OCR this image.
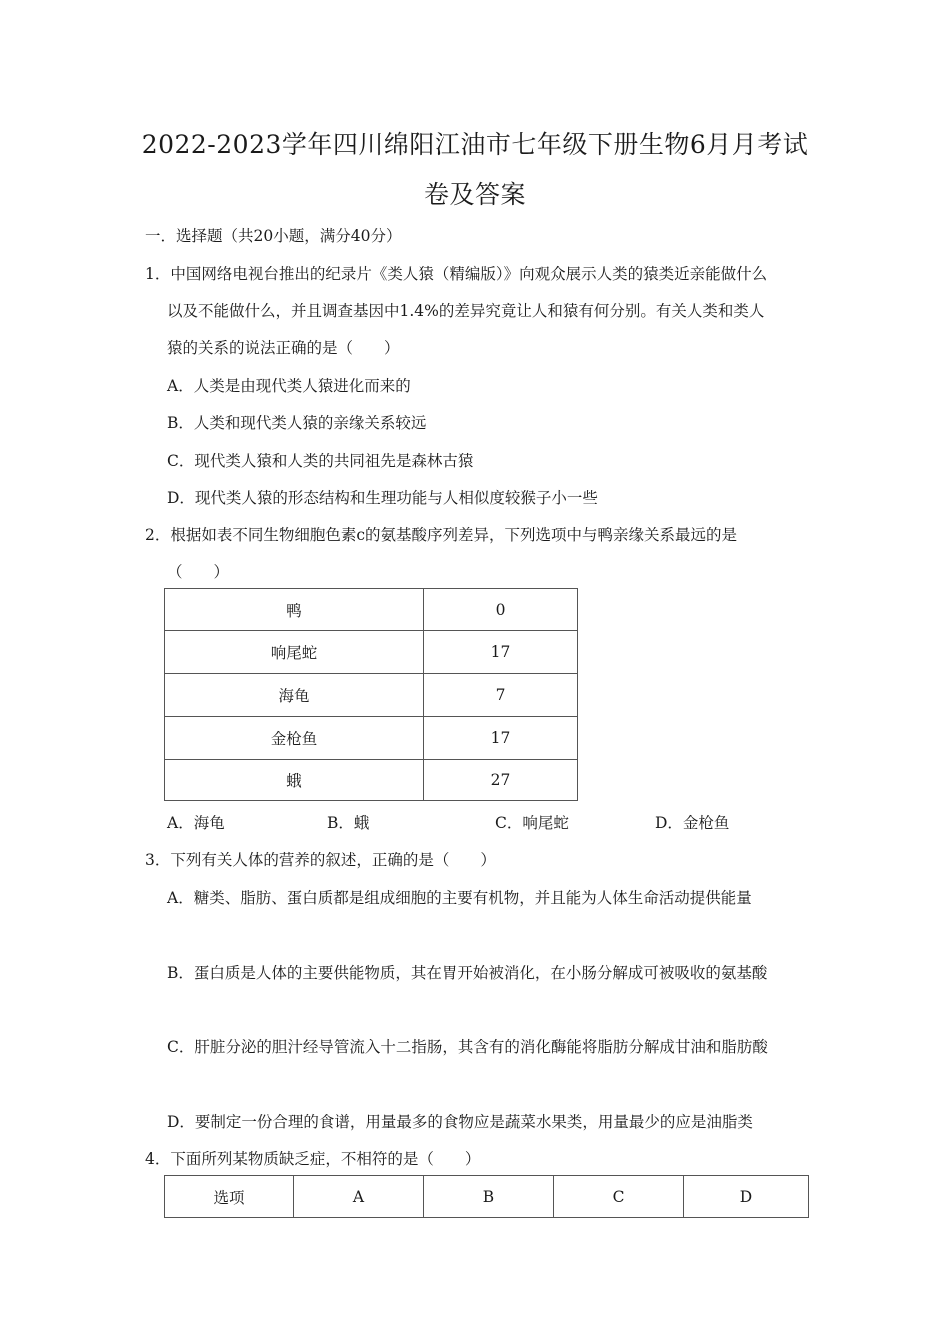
2022-2023学年四川绵阳江油市七年级下册生物6月月考试
卷及答案
一．选择题（共20小题，满分40分）
1．中国网络电视台推出的纪录片《类人猿（精编版）》向观众展示人类的猿类近亲能做什么
以及不能做什么，并且调查基因中1.4%的差异究竟让人和猿有何分别。有关人类和类人
猿的关系的说法正确的是（　　）
A．人类是由现代类人猿进化而来的
B．人类和现代类人猿的亲缘关系较远
C．现代类人猿和人类的共同祖先是森林古猿
D．现代类人猿的形态结构和生理功能与人相似度较猴子小一些
2．根据如表不同生物细胞色素c的氨基酸序列差异，下列选项中与鸭亲缘关系最远的是
（　　）
鸭	0
响尾蛇	17
海龟	7
金枪鱼	17
蛾	27
A．海龟	B．蛾	C．响尾蛇	D．金枪鱼
3．下列有关人体的营养的叙述，正确的是（　　）
A．糖类、脂肪、蛋白质都是组成细胞的主要有机物，并且能为人体生命活动提供能量
B．蛋白质是人体的主要供能物质，其在胃开始被消化，在小肠分解成可被吸收的氨基酸
C．肝脏分泌的胆汁经导管流入十二指肠，其含有的消化酶能将脂肪分解成甘油和脂肪酸
D．要制定一份合理的食谱，用量最多的食物应是蔬菜水果类，用量最少的应是油脂类
4．下面所列某物质缺乏症，不相符的是（　　）
选项	A	B	C	D
